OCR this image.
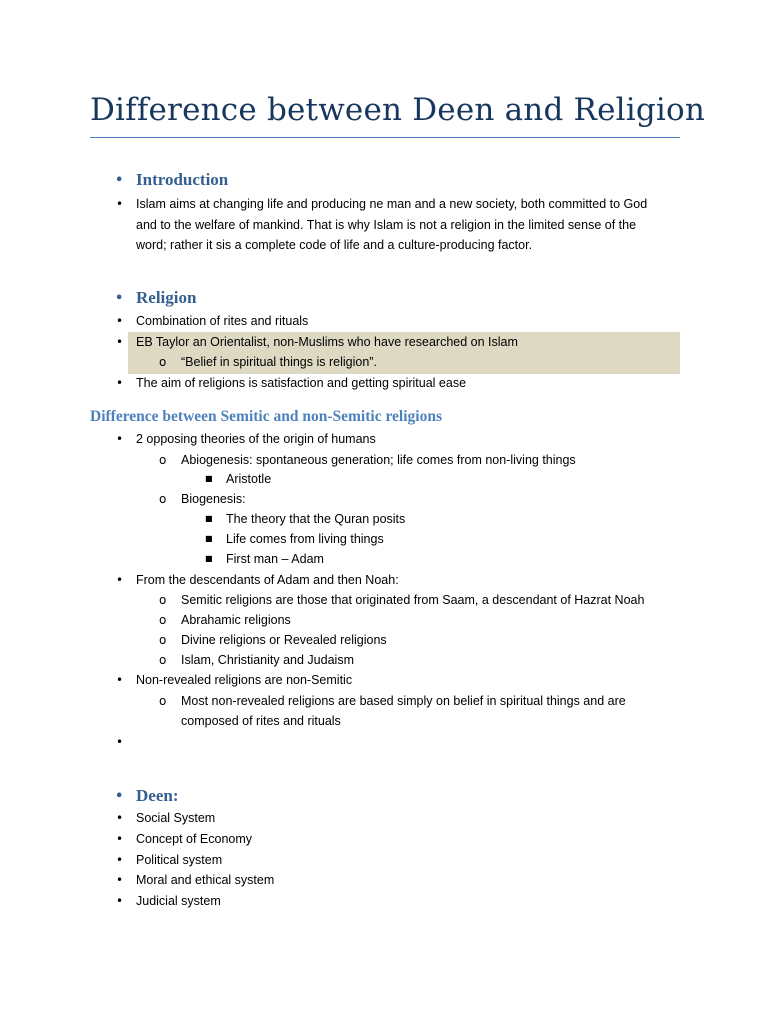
Difference between Deen and Religion
• Introduction
• Islam aims at changing life and producing ne man and a new society, both committed to God
and to the welfare of mankind. That is why Islam is not a religion in the limited sense of the
word; rather it sis a complete code of life and a culture-producing factor.
• Religion
• Combination of rites and rituals
• EB Taylor an Orientalist, non-Muslims who have researched on Islam
o “Belief in spiritual things is religion”.
• The aim of religions is satisfaction and getting spiritual ease
Difference between Semitic and non-Semitic religions
• 2 opposing theories of the origin of humans
o Abiogenesis: spontaneous generation; life comes from non-living things
■ Aristotle
o Biogenesis:
■ The theory that the Quran posits
■ Life comes from living things
■ First man – Adam
• From the descendants of Adam and then Noah:
o Semitic religions are those that originated from Saam, a descendant of Hazrat Noah
o Abrahamic religions
o Divine religions or Revealed religions
o Islam, Christianity and Judaism
• Non-revealed religions are non-Semitic
o Most non-revealed religions are based simply on belief in spiritual things and are
composed of rites and rituals
•
• Deen:
• Social System
• Concept of Economy
• Political system
• Moral and ethical system
• Judicial system
